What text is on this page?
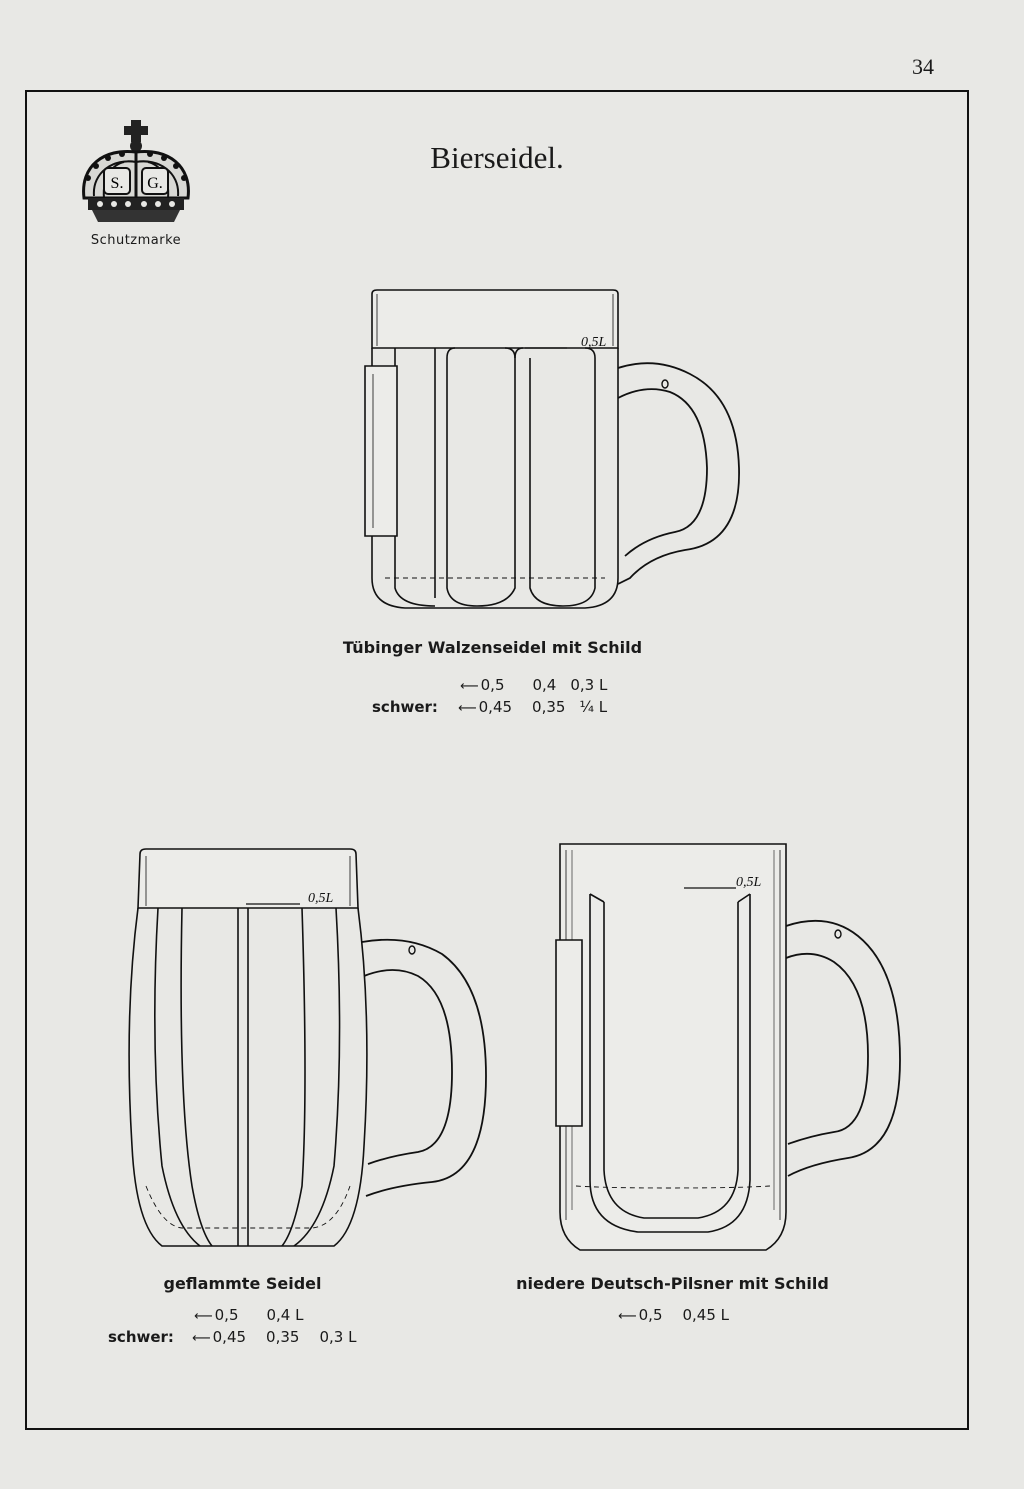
34
S. G.
Schutzmarke
Bierseidel.
0,5L
Tübinger Walzenseidel mit Schild
⟵ 0,5 0,4 0,3 L
schwer: ⟵ 0,45 0,35 ¼ L
0,5L
geflammte Seidel
⟵ 0,5 0,4 L
schwer: ⟵ 0,45 0,35 0,3 L
0,5L
niedere Deutsch-Pilsner mit Schild
⟵ 0,5 0,45 L
